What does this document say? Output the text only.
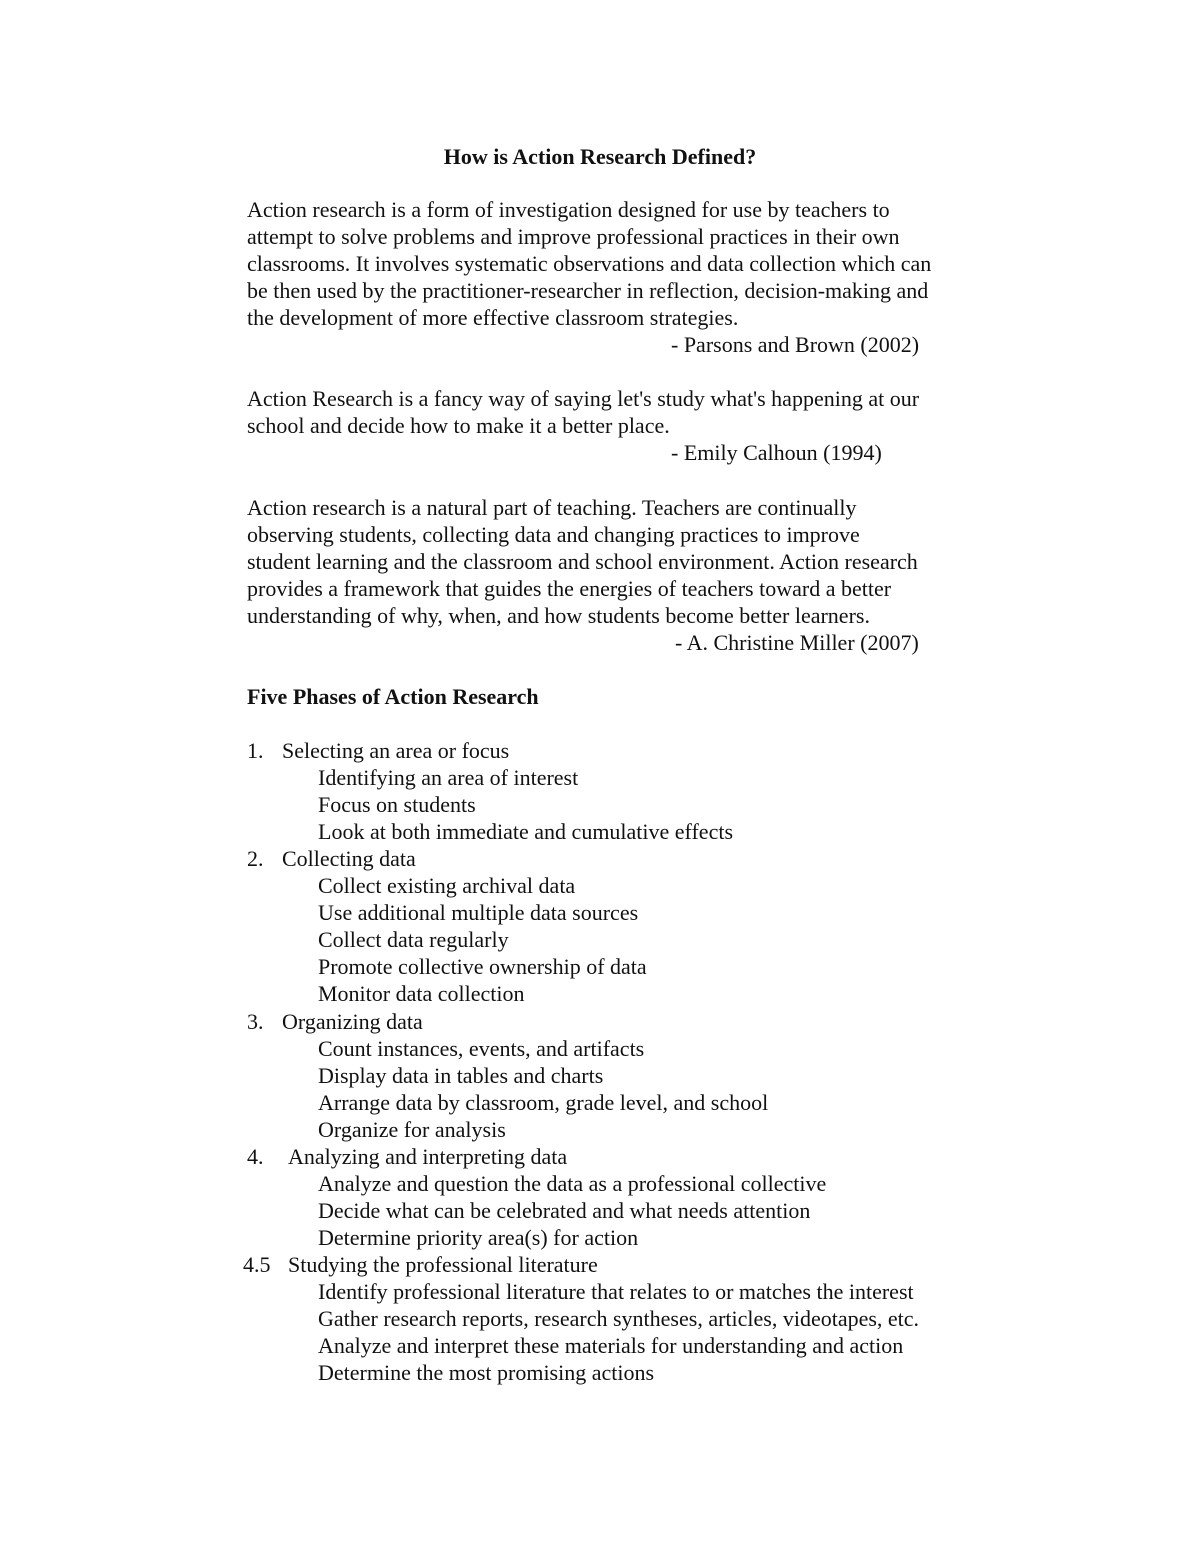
How is Action Research Defined?
Action research is a form of investigation designed for use by teachers to attempt to solve problems and improve professional practices in their own classrooms. It involves systematic observations and data collection which can be then used by the practitioner-researcher in reflection, decision-making and the development of more effective classroom strategies.
- Parsons and Brown (2002)
Action Research is a fancy way of saying let's study what's happening at our school and decide how to make it a better place.
- Emily Calhoun (1994)
Action research is a natural part of teaching. Teachers are continually observing students, collecting data and changing practices to improve student learning and the classroom and school environment. Action research provides a framework that guides the energies of teachers toward a better understanding of why, when, and how students become better learners.
- A. Christine Miller (2007)
Five Phases of Action Research
1. Selecting an area or focus
Identifying an area of interest
Focus on students
Look at both immediate and cumulative effects
2. Collecting data
Collect existing archival data
Use additional multiple data sources
Collect data regularly
Promote collective ownership of data
Monitor data collection
3. Organizing data
Count instances, events, and artifacts
Display data in tables and charts
Arrange data by classroom, grade level, and school
Organize for analysis
4. Analyzing and interpreting data
Analyze and question the data as a professional collective
Decide what can be celebrated and what needs attention
Determine priority area(s) for action
4.5 Studying the professional literature
Identify professional literature that relates to or matches the interest
Gather research reports, research syntheses, articles, videotapes, etc.
Analyze and interpret these materials for understanding and action
Determine the most promising actions
